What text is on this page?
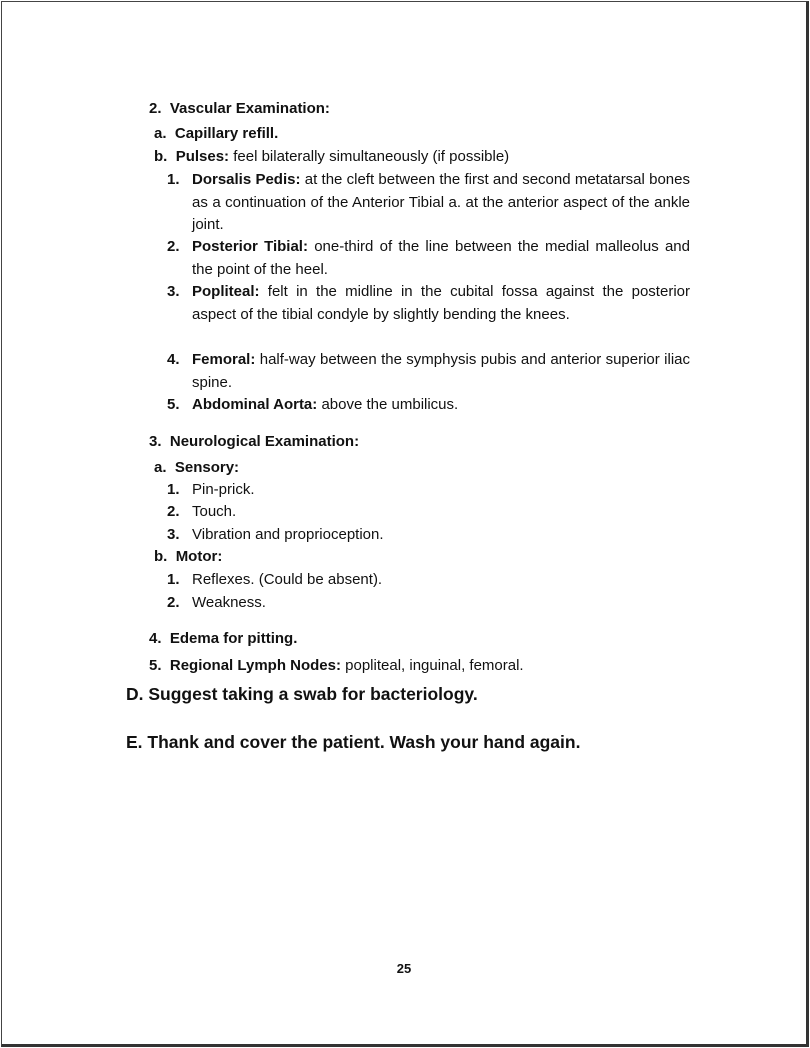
2. Vascular Examination:
a. Capillary refill.
b. Pulses: feel bilaterally simultaneously (if possible)
1. Dorsalis Pedis: at the cleft between the first and second metatarsal bones as a continuation of the Anterior Tibial a. at the anterior aspect of the ankle joint.
2. Posterior Tibial: one-third of the line between the medial malleolus and the point of the heel.
3. Popliteal: felt in the midline in the cubital fossa against the posterior aspect of the tibial condyle by slightly bending the knees.
4. Femoral: half-way between the symphysis pubis and anterior superior iliac spine.
5. Abdominal Aorta: above the umbilicus.
3. Neurological Examination:
a. Sensory:
1. Pin-prick.
2. Touch.
3. Vibration and proprioception.
b. Motor:
1. Reflexes. (Could be absent).
2. Weakness.
4. Edema for pitting.
5. Regional Lymph Nodes: popliteal, inguinal, femoral.
D. Suggest taking a swab for bacteriology.
E. Thank and cover the patient. Wash your hand again.
25
